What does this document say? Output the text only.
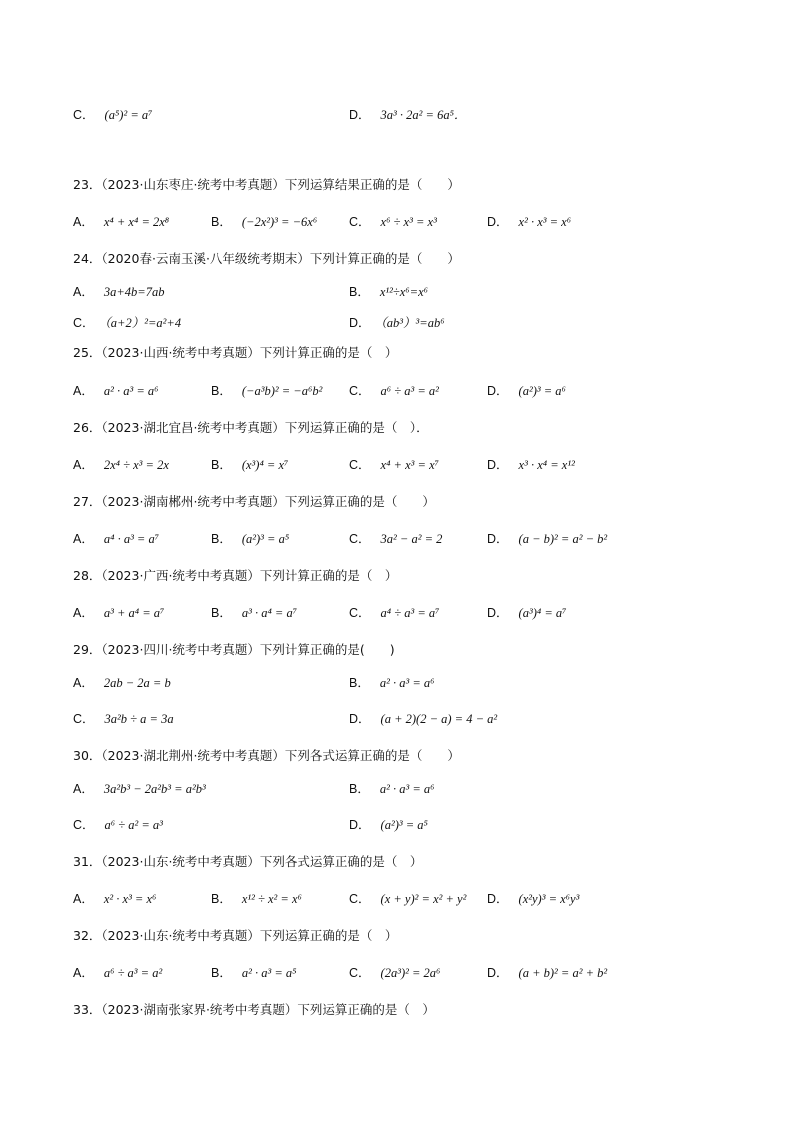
C． (a⁵)² = a⁷	D． 3a³ · 2a² = 6a⁵．
23．（2023·山东枣庄·统考中考真题）下列运算结果正确的是（　　）
A． x⁴ + x⁴ = 2x⁸	B． (−2x²)³ = −6x⁶	C． x⁶ ÷ x³ = x³	D． x² · x³ = x⁶
24．（2020春·云南玉溪·八年级统考期末）下列计算正确的是（　　）
A． 3a+4b=7ab	B． x¹²÷x⁶=x⁶
C． （a+2）²=a²+4	D． （ab³）³=ab⁶
25．（2023·山西·统考中考真题）下列计算正确的是（　）
A． a² · a³ = a⁶	B． (−a³b)² = −a⁶b² C． a⁶ ÷ a³ = a²	D． (a²)³ = a⁶
26．（2023·湖北宜昌·统考中考真题）下列运算正确的是（　）．
A． 2x⁴ ÷ x³ = 2x	B． (x³)⁴ = x⁷	C． x⁴ + x³ = x⁷	D． x³ · x⁴ = x¹²
27．（2023·湖南郴州·统考中考真题）下列运算正确的是（　　）
A． a⁴ · a³ = a⁷	B． (a²)³ = a⁵	C． 3a² − a² = 2	D． (a − b)² = a² − b²
28．（2023·广西·统考中考真题）下列计算正确的是（　）
A． a³ + a⁴ = a⁷	B． a³ · a⁴ = a⁷	C． a⁴ ÷ a³ = a⁷	D． (a³)⁴ = a⁷
29．（2023·四川·统考中考真题）下列计算正确的是(　　)
A． 2ab − 2a = b	B． a² · a³ = a⁶
C． 3a²b ÷ a = 3a	D． (a + 2)(2 − a) = 4 − a²
30．（2023·湖北荆州·统考中考真题）下列各式运算正确的是（　　）
A． 3a²b³ − 2a²b³ = a²b³	B． a² · a³ = a⁶
C． a⁶ ÷ a² = a³	D． (a²)³ = a⁵
31．（2023·山东·统考中考真题）下列各式运算正确的是（　）
A． x² · x³ = x⁶	B． x¹² ÷ x² = x⁶	C． (x + y)² = x² + y² D． (x²y)³ = x⁶y³
32．（2023·山东·统考中考真题）下列运算正确的是（　）
A． a⁶ ÷ a³ = a²	B． a² · a³ = a⁵	C． (2a³)² = 2a⁶	D． (a + b)² = a² + b²
33．（2023·湖南张家界·统考中考真题）下列运算正确的是（　）
